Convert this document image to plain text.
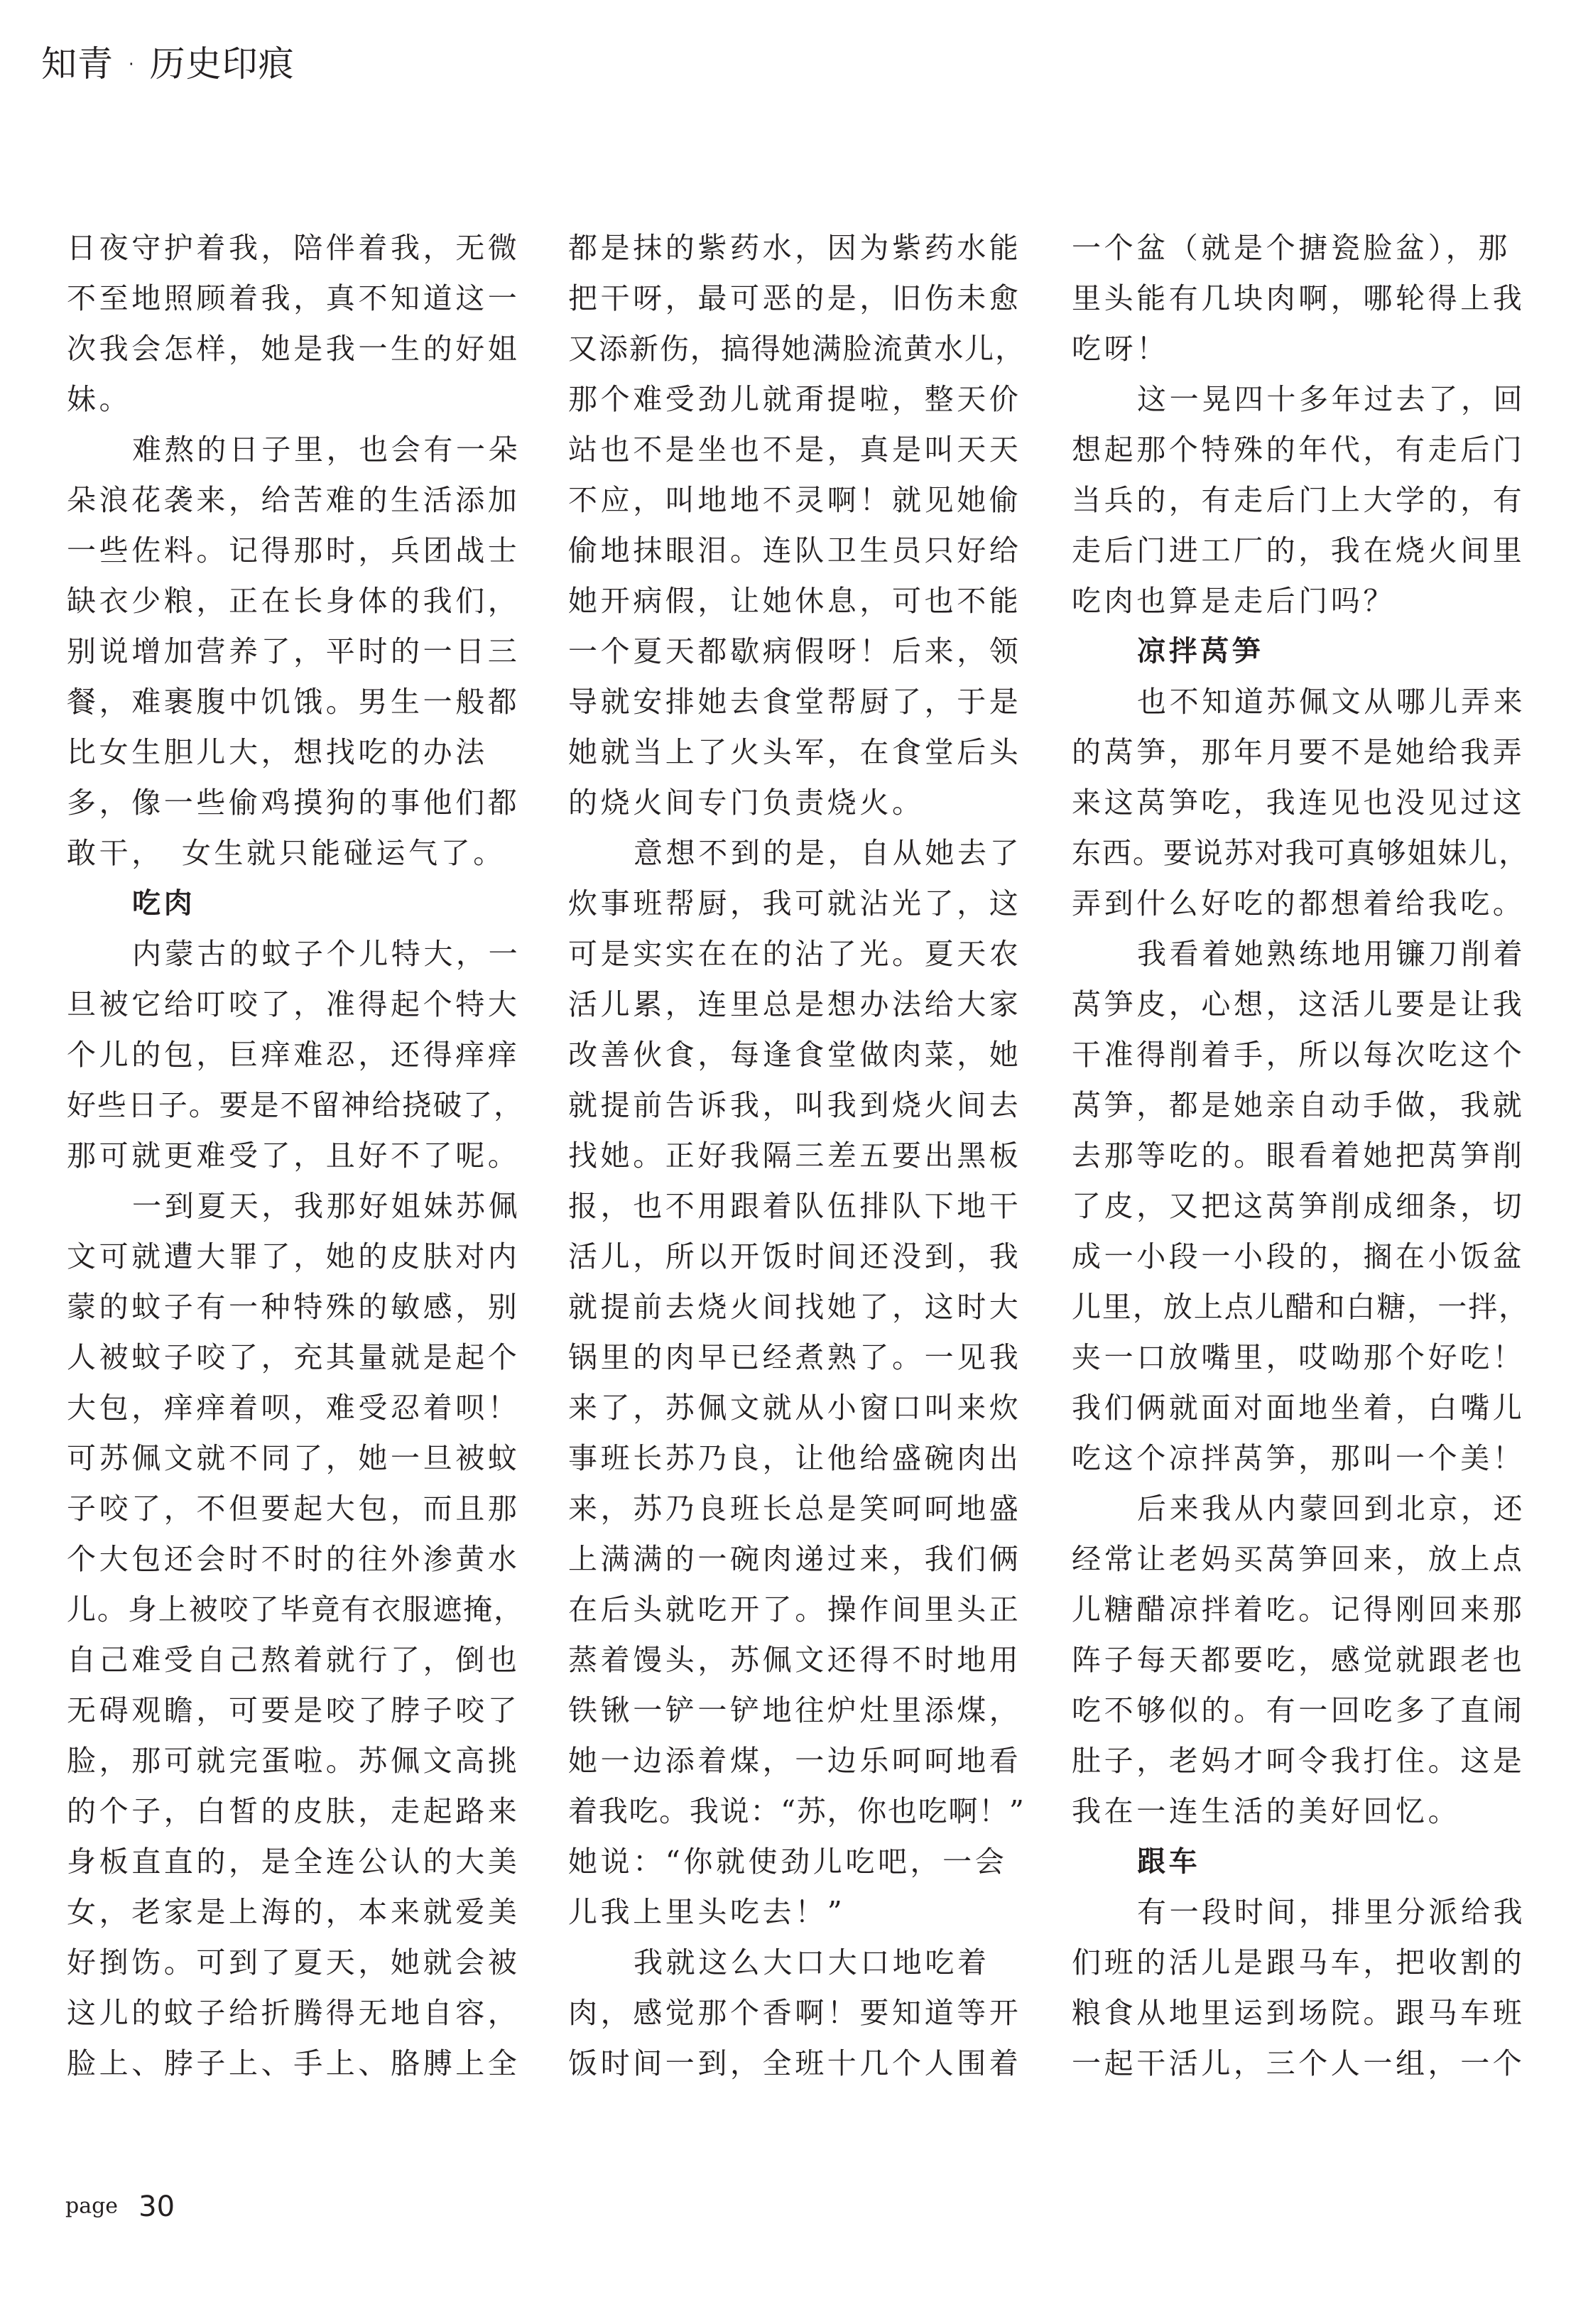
知青 · 历史印痕
日夜守护着我，陪伴着我，无微
不至地照顾着我，真不知道这一
次我会怎样，她是我一生的好姐
妹。
难熬的日子里，也会有一朵
朵浪花袭来，给苦难的生活添加
一些佐料。记得那时，兵团战士
缺衣少粮，正在长身体的我们，
别说增加营养了，平时的一日三
餐，难裹腹中饥饿。男生一般都
比女生胆儿大，想找吃的办法
多，像一些偷鸡摸狗的事他们都
敢干，　女生就只能碰运气了。
吃肉
内蒙古的蚊子个儿特大，一
旦被它给叮咬了，准得起个特大
个儿的包，巨痒难忍，还得痒痒
好些日子。要是不留神给挠破了，
那可就更难受了，且好不了呢。
一到夏天，我那好姐妹苏佩
文可就遭大罪了，她的皮肤对内
蒙的蚊子有一种特殊的敏感，别
人被蚊子咬了，充其量就是起个
大包，痒痒着呗，难受忍着呗！
可苏佩文就不同了，她一旦被蚊
子咬了，不但要起大包，而且那
个大包还会时不时的往外渗黄水
儿。身上被咬了毕竟有衣服遮掩，
自己难受自己熬着就行了，倒也
无碍观瞻，可要是咬了脖子咬了
脸，那可就完蛋啦。苏佩文高挑
的个子，白皙的皮肤，走起路来
身板直直的，是全连公认的大美
女，老家是上海的，本来就爱美
好捯饬。可到了夏天，她就会被
这儿的蚊子给折腾得无地自容，
脸上、脖子上、手上、胳膊上全
都是抹的紫药水，因为紫药水能
把干呀，最可恶的是，旧伤未愈
又添新伤，搞得她满脸流黄水儿，
那个难受劲儿就甭提啦，整天价
站也不是坐也不是，真是叫天天
不应，叫地地不灵啊！就见她偷
偷地抹眼泪。连队卫生员只好给
她开病假，让她休息，可也不能
一个夏天都歇病假呀！后来，领
导就安排她去食堂帮厨了，于是
她就当上了火头军，在食堂后头
的烧火间专门负责烧火。
意想不到的是，自从她去了
炊事班帮厨，我可就沾光了，这
可是实实在在的沾了光。夏天农
活儿累，连里总是想办法给大家
改善伙食，每逢食堂做肉菜，她
就提前告诉我，叫我到烧火间去
找她。正好我隔三差五要出黑板
报，也不用跟着队伍排队下地干
活儿，所以开饭时间还没到，我
就提前去烧火间找她了，这时大
锅里的肉早已经煮熟了。一见我
来了，苏佩文就从小窗口叫来炊
事班长苏乃良，让他给盛碗肉出
来，苏乃良班长总是笑呵呵地盛
上满满的一碗肉递过来，我们俩
在后头就吃开了。操作间里头正
蒸着馒头，苏佩文还得不时地用
铁锹一铲一铲地往炉灶里添煤，
她一边添着煤，一边乐呵呵地看
着我吃。我说：“苏，你也吃啊！”
她说：“你就使劲儿吃吧，一会
儿我上里头吃去！”
我就这么大口大口地吃着
肉，感觉那个香啊！要知道等开
饭时间一到，全班十几个人围着
一个盆（就是个搪瓷脸盆），那
里头能有几块肉啊，哪轮得上我
吃呀！
这一晃四十多年过去了，回
想起那个特殊的年代，有走后门
当兵的，有走后门上大学的，有
走后门进工厂的，我在烧火间里
吃肉也算是走后门吗？
凉拌莴笋
也不知道苏佩文从哪儿弄来
的莴笋，那年月要不是她给我弄
来这莴笋吃，我连见也没见过这
东西。要说苏对我可真够姐妹儿，
弄到什么好吃的都想着给我吃。
我看着她熟练地用镰刀削着
莴笋皮，心想，这活儿要是让我
干准得削着手，所以每次吃这个
莴笋，都是她亲自动手做，我就
去那等吃的。眼看着她把莴笋削
了皮，又把这莴笋削成细条，切
成一小段一小段的，搁在小饭盆
儿里，放上点儿醋和白糖，一拌，
夹一口放嘴里，哎呦那个好吃！
我们俩就面对面地坐着，白嘴儿
吃这个凉拌莴笋，那叫一个美！
后来我从内蒙回到北京，还
经常让老妈买莴笋回来，放上点
儿糖醋凉拌着吃。记得刚回来那
阵子每天都要吃，感觉就跟老也
吃不够似的。有一回吃多了直闹
肚子，老妈才呵令我打住。这是
我在一连生活的美好回忆。
跟车
有一段时间，排里分派给我
们班的活儿是跟马车，把收割的
粮食从地里运到场院。跟马车班
一起干活儿，三个人一组，一个
page 30
